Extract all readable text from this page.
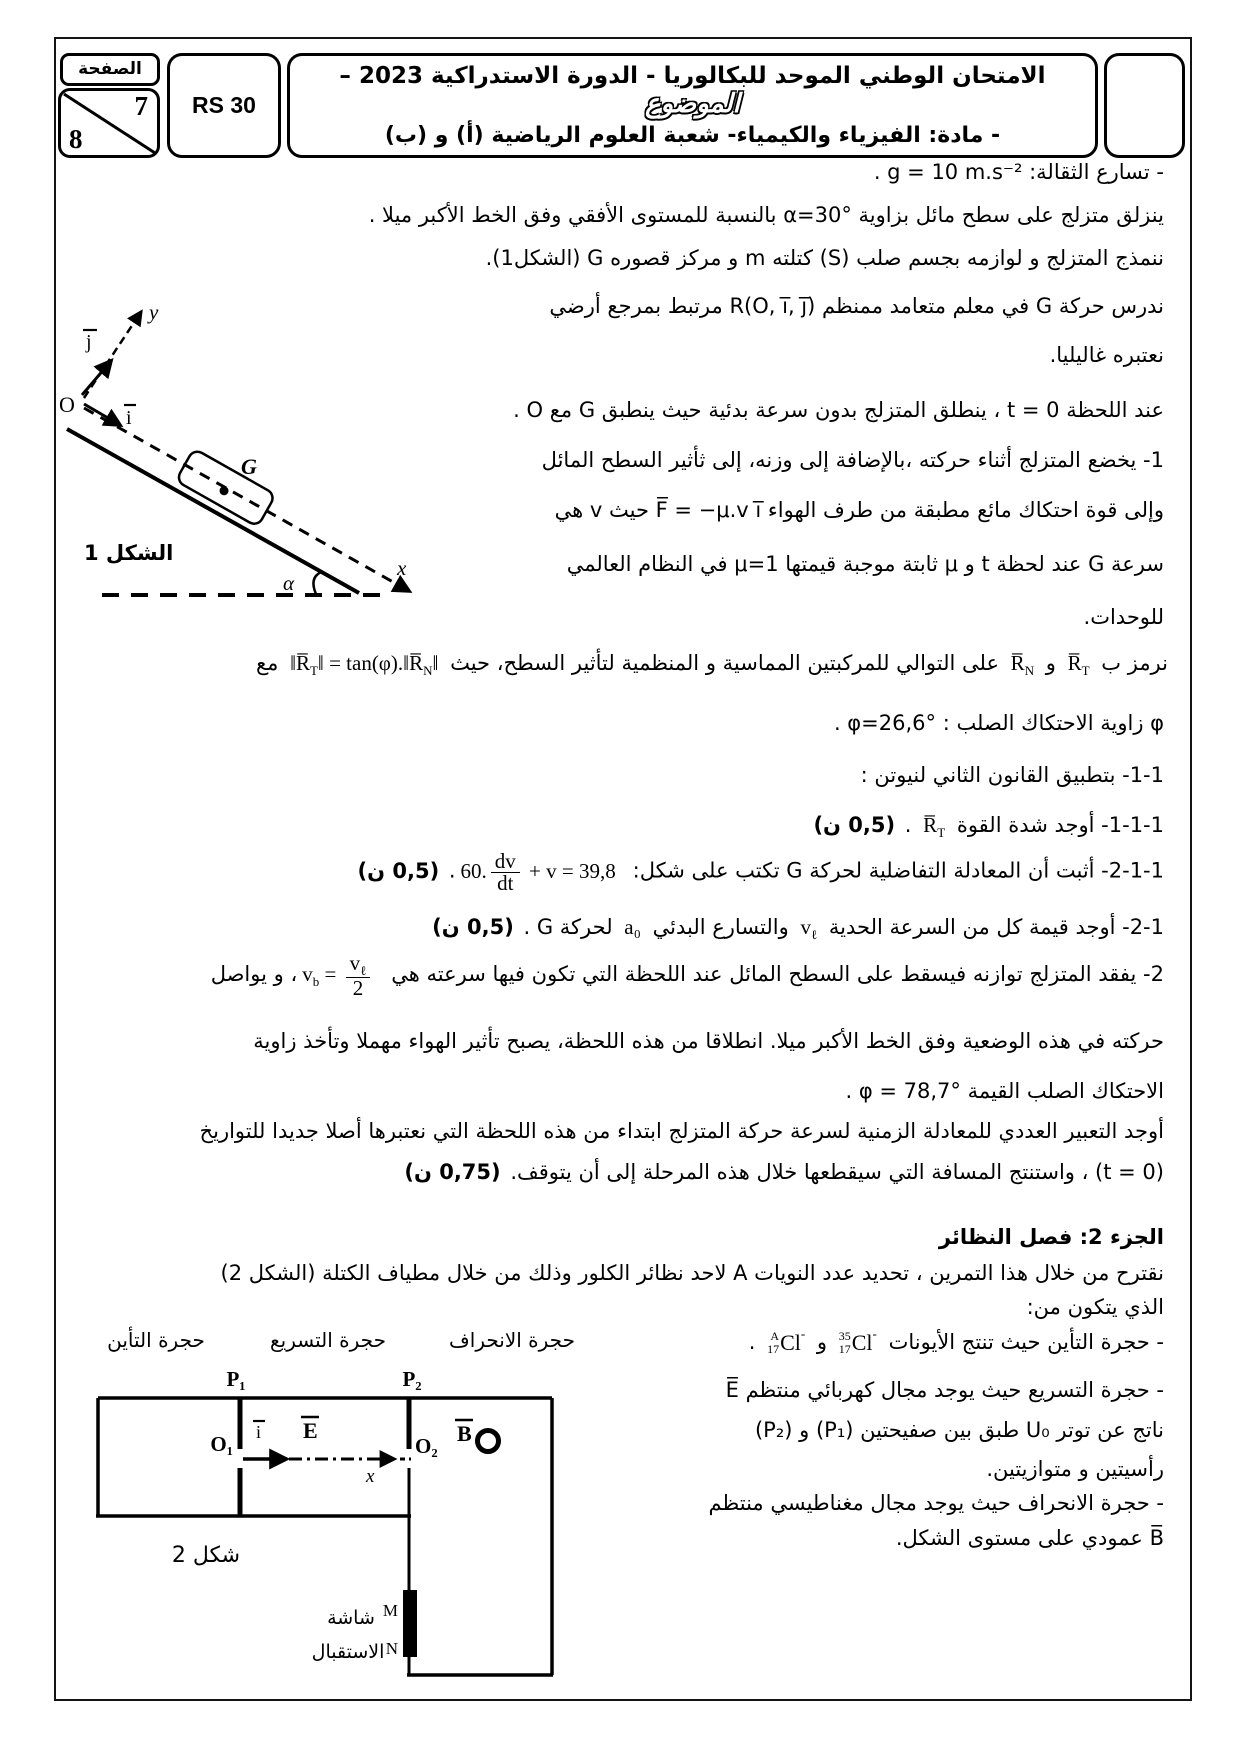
الصفحة
7
8
RS 30
الامتحان الوطني الموحد للبكالوريا - الدورة الاستدراكية 2023 – الموضوع
- مادة: الفيزياء والكيمياء- شعبة العلوم الرياضية (أ) و (ب)
- تسارع الثقالة: g = 10 m.s⁻² .
ينزلق متزلج على سطح مائل بزاوية α=30° بالنسبة للمستوى الأفقي وفق الخط الأكبر ميلا .
ننمذج المتزلج و لوازمه بجسم صلب (S) كتلته m و مركز قصوره G (الشكل1).
ندرس حركة G في معلم متعامد ممنظم R(O, i̅, j̅) مرتبط بمرجع أرضي
نعتبره غاليليا.
عند اللحظة t = 0 ، ينطلق المتزلج بدون سرعة بدئية حيث ينطبق G مع O .
1- يخضع المتزلج أثناء حركته ،بالإضافة إلى وزنه، إلى ثأثير السطح المائل
وإلى قوة احتكاك مائع مطبقة من طرف الهواء F̅ = −μ.v i̅ حيث v هي
سرعة G عند لحظة t و μ ثابتة موجبة قيمتها μ=1 في النظام العالمي
للوحدات.
y
j
O
i
x
α
G
الشكل 1
نرمز ب $R̅_T$ و $R̅_N$ على التوالي للمركبتين المماسية و المنظمية لتأثير السطح، حيث $‖R̅_T‖$ = $\tan(\varphi).‖R̅_N‖$ مع
φ زاوية الاحتكاك الصلب : φ=26,6° .
1-1- بتطبيق القانون الثاني لنيوتن :
1-1-1- أوجد شدة القوة $R̅_T$ . (0,5 ن)
2-1-1- أثبت أن المعادلة التفاضلية لحركة G تكتب على شكل: 60. $\frac{dv}{dt} + v = 39,8$ . (0,5 ن)
2-1- أوجد قيمة كل من السرعة الحدية $v_\ell$ والتسارع البدئي a₀ لحركة G . (0,5 ن)
2- يفقد المتزلج توازنه فيسقط على السطح المائل عند اللحظة التي تكون فيها سرعته هي $v_b = \frac{v_\ell}{2}$
، و يواصل
حركته في هذه الوضعية وفق الخط الأكبر ميلا. انطلاقا من هذه اللحظة، يصبح تأثير الهواء مهملا وتأخذ زاوية
الاحتكاك الصلب القيمة φ = 78,7° .
أوجد التعبير العددي للمعادلة الزمنية لسرعة حركة المتزلج ابتداء من هذه اللحظة التي نعتبرها أصلا جديدا للتواريخ
(t = 0) ، واستنتج المسافة التي سيقطعها خلال هذه المرحلة إلى أن يتوقف. (0,75 ن)
الجزء 2: فصل النظائر
نقترح من خلال هذا التمرين ، تحديد عدد النويات A لاحد نظائر الكلور وذلك من خلال مطياف الكتلة (الشكل 2)
الذي يتكون من:
- حجرة التأين حيث تنتج الأيونات
35
17 Cl -
و
A
17 Cl -
.
- حجرة التسريع حيث يوجد مجال كهربائي منتظم E̅
ناتج عن توتر U₀ طبق بين صفيحتين (P₁) و (P₂)
رأسيتين و متوازيتين.
- حجرة الانحراف حيث يوجد مجال مغناطيسي منتظم
B̅ عمودي على مستوى الشكل.
حجرة التأين	حجرة التسريع	حجرة الانحراف
P₁	P₂
O₁	O₂
i E
x
B
M
N
شاشة
الاستقبال
شكل 2
